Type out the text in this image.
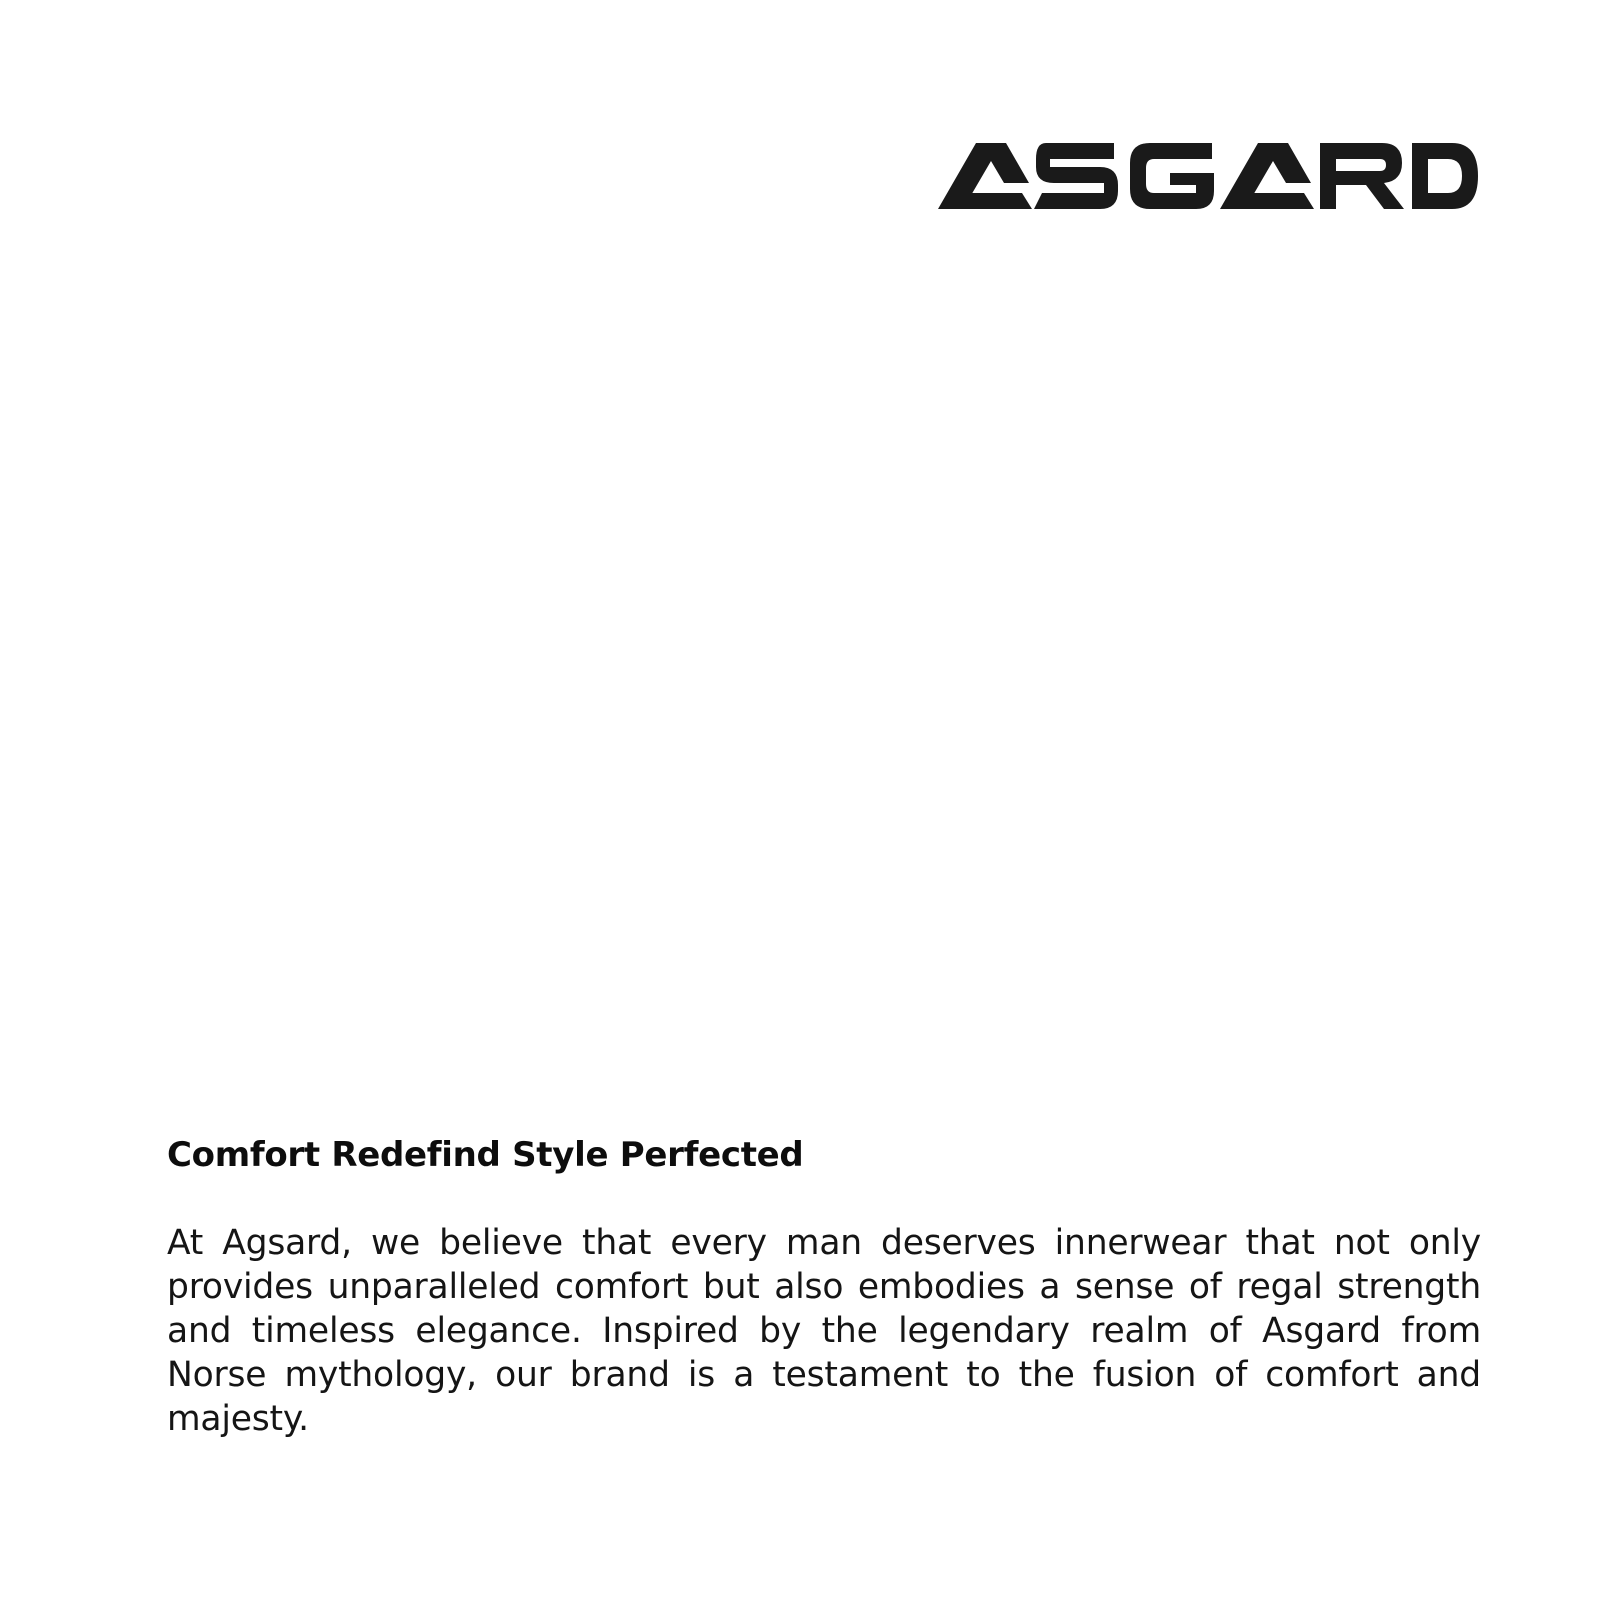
Comfort Redefind Style Perfected

At Agsard, we believe that every man deserves innerwear that not only provides unparalleled comfort but also embodies a sense of regal strength and timeless elegance. Inspired by the legendary realm of Asgard from Norse mythology, our brand is a testament to the fusion of comfort and majesty.
